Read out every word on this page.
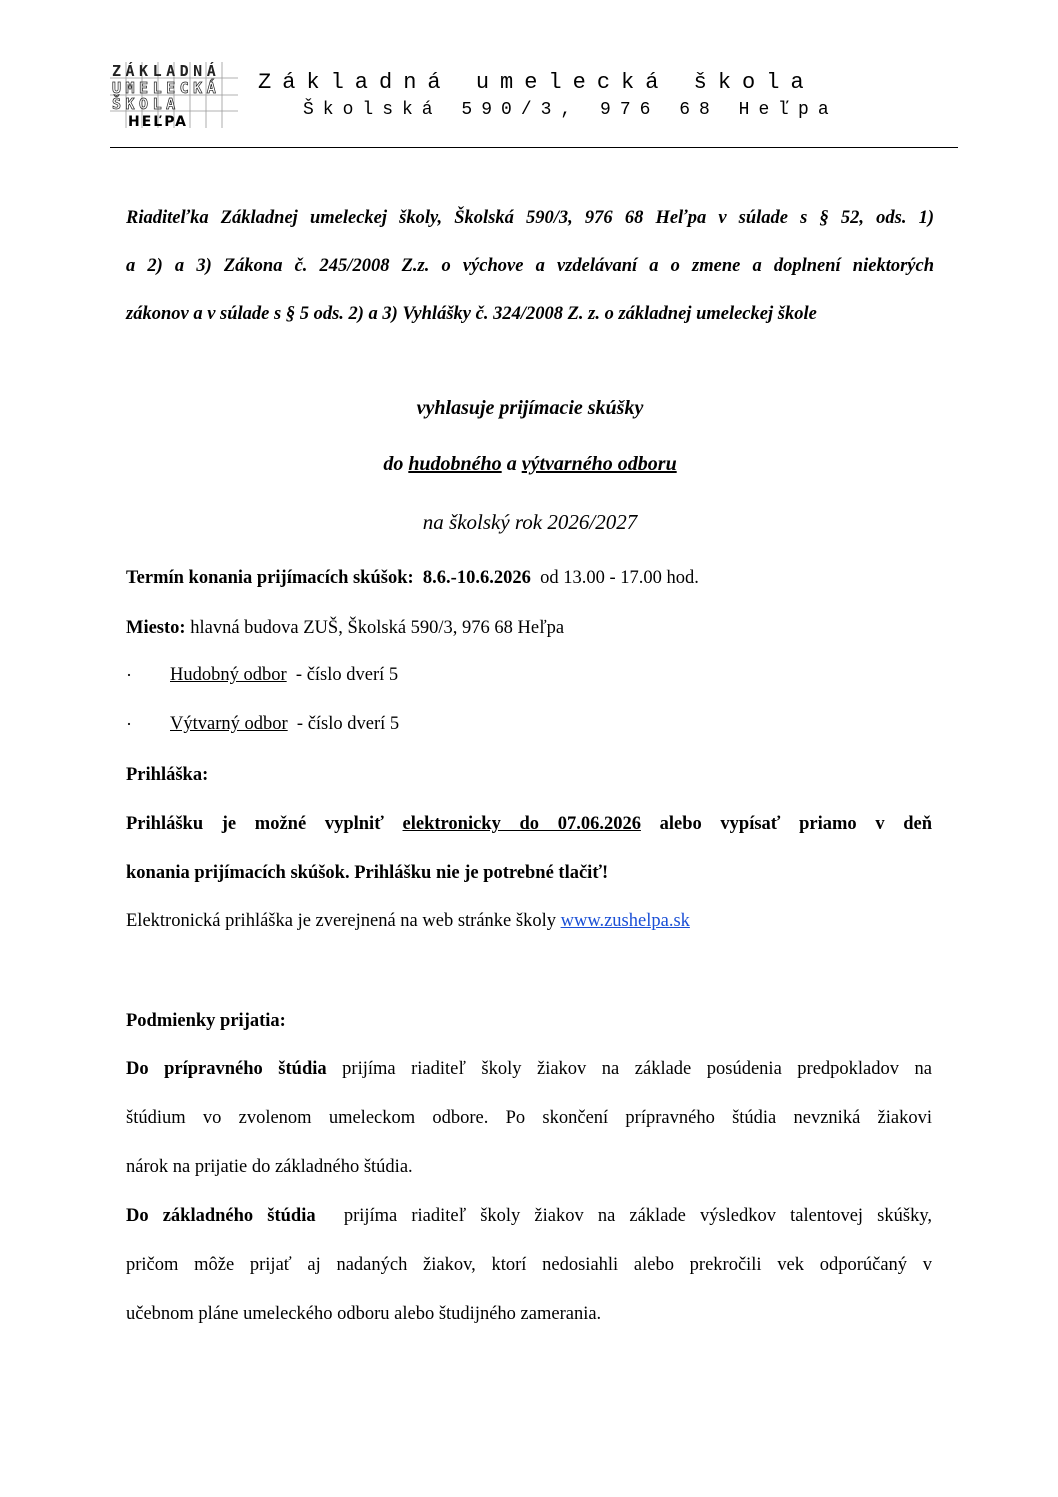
ZÁKLADNÁ
UMELECKÁ
ŠKOLA
HEĽPA
Základná umelecká škola
Školská 590/3, 976 68 Heľpa
Riaditeľka Základnej umeleckej školy, Školská 590/3, 976 68 Heľpa v súlade s § 52, ods. 1)
a 2) a 3) Zákona č. 245/2008 Z.z. o výchove a vzdelávaní a o zmene a doplnení niektorých
zákonov a v súlade s § 5 ods. 2) a 3) Vyhlášky č. 324/2008 Z. z. o základnej umeleckej škole
vyhlasuje prijímacie skúšky
do hudobného a výtvarného odboru
na školský rok 2026/2027
Termín konania prijímacích skúšok: 8.6.-10.6.2026 od 13.00 - 17.00 hod.
Miesto: hlavná budova ZUŠ, Školská 590/3, 976 68 Heľpa
· Hudobný odbor - číslo dverí 5
· Výtvarný odbor - číslo dverí 5
Prihláška:
Prihlášku je možné vyplniť elektronicky do 07.06.2026 alebo vypísať priamo v deň
konania prijímacích skúšok. Prihlášku nie je potrebné tlačiť!
Elektronická prihláška je zverejnená na web stránke školy www.zushelpa.sk
Podmienky prijatia:
Do prípravného štúdia prijíma riaditeľ školy žiakov na základe posúdenia predpokladov na
štúdium vo zvolenom umeleckom odbore. Po skončení prípravného štúdia nevzniká žiakovi
nárok na prijatie do základného štúdia.
Do základného štúdia prijíma riaditeľ školy žiakov na základe výsledkov talentovej skúšky,
pričom môže prijať aj nadaných žiakov, ktorí nedosiahli alebo prekročili vek odporúčaný v
učebnom pláne umeleckého odboru alebo študijného zamerania.
